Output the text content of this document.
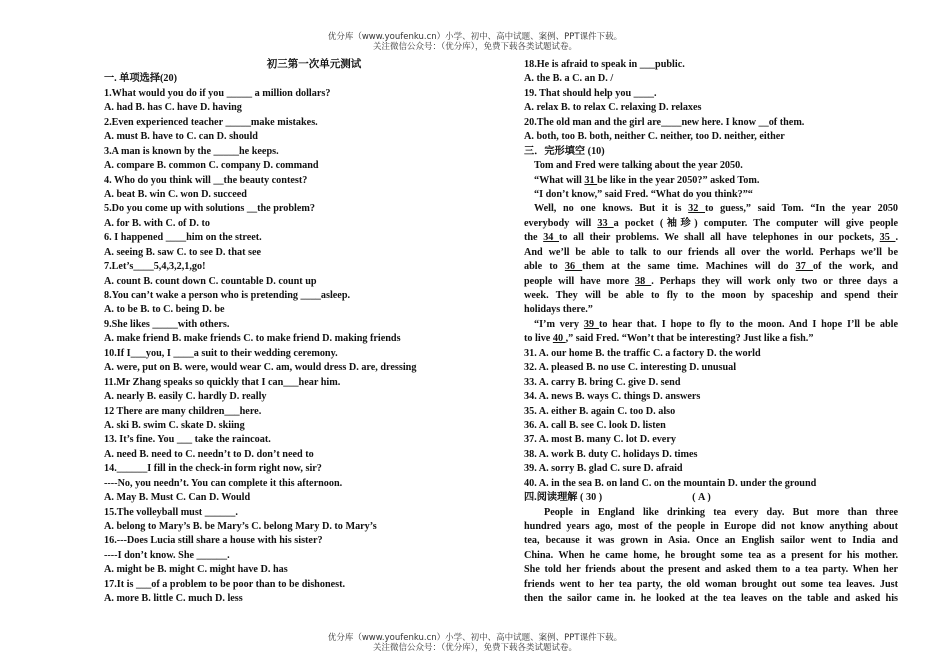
优分库（www.youfenku.cn）小学、初中、高中试题、案例、PPT课件下载。
关注微信公众号：（优分库），免费下载各类试题试卷。
初三第一次单元测试
一. 单项选择(20)
1.What would you do if you _____ a million dollars?
A. had B. has C. have D. having
2.Even experienced teacher _____make mistakes.
A. must B. have to C. can D. should
3.A man is known by the _____he keeps.
A. compare B. common C. company D. command
4. Who do you think will __the beauty contest?
A. beat B. win C. won D. succeed
5.Do you come up with solutions __the problem?
A. for B. with C. of D. to
6. I happened ____him on the street.
A. seeing B. saw C. to see D. that see
7.Let’s____5,4,3,2,1,go!
A. count B. count down C. countable D. count up
8.You can’t wake a person who is pretending ____asleep.
A. to be B. to C. being D. be
9.She likes _____with others.
A. make friend B. make friends C. to make friend D. making friends
10.If I___you, I ____a suit to their wedding ceremony.
A. were, put on B. were, would wear C. am, would dress D. are, dressing
11.Mr Zhang speaks so quickly that I can___hear him.
A. nearly B. easily C. hardly D. really
12 There are many children___here.
A. ski B. swim C. skate D. skiing
13. It’s fine. You ___ take the raincoat.
A. need B. need to C. needn’t to D. don’t need to
14.______I fill in the check-in form right now, sir?
----No, you needn’t. You can complete it this afternoon.
A. May B. Must C. Can D. Would
15.The volleyball must ______.
A. belong to Mary’s B. be Mary’s C. belong Mary D. to Mary’s
16.---Does Lucia still share a house with his sister?
----I don’t know. She ______.
A. might be B. might C. might have D. has
17.It is ___of a problem to be poor than to be dishonest.
A. more B. little C. much D. less
18.He is afraid to speak in ___public.
A. the B. a C. an D. /
19. That should help you ____.
A. relax B. to relax C. relaxing D. relaxes
20.The old man and the girl are____new here. I know __of them.
A. both, too B. both, neither C. neither, too D. neither, either
三．完形填空 (10)
Tom and Fred were talking about the year 2050.
“What will 31 be like in the year 2050?” asked Tom.
“I don’t know,” said Fred. “What do you think?”“
Well, no one knows. But it is 32 to guess,” said Tom. “In the year 2050
everybody will 33 a pocket (袖珍) computer. The computer will give people
the 34 to all their problems. We shall all have telephones in our pockets, 35 .
And we’ll be able to talk to our friends all over the world. Perhaps we’ll be
able to 36 them at the same time. Machines will do 37 of the work, and
people will have more 38 . Perhaps they will work only two or three days a
week. They will be able to fly to the moon by spaceship and spend their
holidays there.”
“I’m very 39 to hear that. I hope to fly to the moon. And I hope I’ll be able
to live 40 ,” said Fred. “Won’t that be interesting? Just like a fish.”
31. A. our home B. the traffic C. a factory D. the world
32. A. pleased B. no use C. interesting D. unusual
33. A. carry B. bring C. give D. send
34. A. news B. ways C. things D. answers
35. A. either B. again C. too D. also
36. A. call B. see C. look D. listen
37. A. most B. many C. lot D. every
38. A. work B. duty C. holidays D. times
39. A. sorry B. glad C. sure D. afraid
40. A. in the sea B. on land C. on the mountain D. under the ground
四.阅读理解 ( 30 )	( A )
People in England like drinking tea every day. But more than three
hundred years ago, most of the people in Europe did not know anything about
tea, because it was grown in Asia. Once an English sailor went to India and
China. When he came home, he brought some tea as a present for his mother.
She told her friends about the present and asked them to a tea party. When her
friends went to her tea party, the old woman brought out some tea leaves. Just
then the sailor came in. he looked at the tea leaves on the table and asked his
优分库（www.youfenku.cn）小学、初中、高中试题、案例、PPT课件下载。
关注微信公众号：（优分库），免费下载各类试题试卷。
